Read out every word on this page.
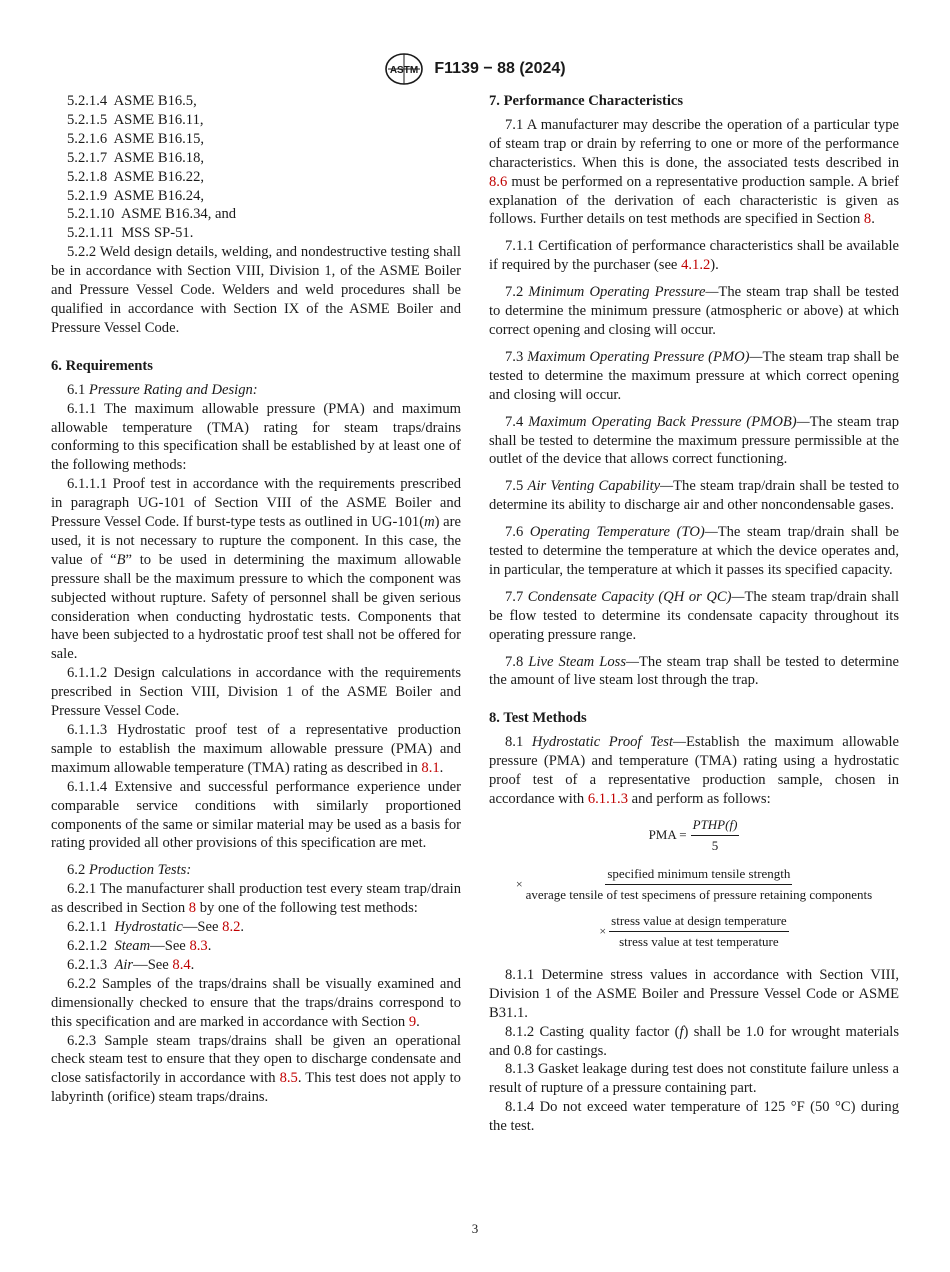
ASTM F1139 − 88 (2024)

5.2.1.4 ASME B16.5,

5.2.1.5 ASME B16.11,

5.2.1.6 ASME B16.15,

5.2.1.7 ASME B16.18,

5.2.1.8 ASME B16.22,

5.2.1.9 ASME B16.24,

5.2.1.10 ASME B16.34, and

5.2.1.11 MSS SP-51.

5.2.2 Weld design details, welding, and nondestructive testing shall be in accordance with Section VIII, Division 1, of the ASME Boiler and Pressure Vessel Code. Welders and weld procedures shall be qualified in accordance with Section IX of the ASME Boiler and Pressure Vessel Code.

6. Requirements

6.1 Pressure Rating and Design:

6.1.1 The maximum allowable pressure (PMA) and maximum allowable temperature (TMA) rating for steam traps/drains conforming to this specification shall be established by at least one of the following methods:

6.1.1.1 Proof test in accordance with the requirements prescribed in paragraph UG-101 of Section VIII of the ASME Boiler and Pressure Vessel Code. If burst-type tests as outlined in UG-101(m) are used, it is not necessary to rupture the component. In this case, the value of “B” to be used in determining the maximum allowable pressure shall be the maximum pressure to which the component was subjected without rupture. Safety of personnel shall be given serious consideration when conducting hydrostatic tests. Components that have been subjected to a hydrostatic proof test shall not be offered for sale.

6.1.1.2 Design calculations in accordance with the requirements prescribed in Section VIII, Division 1 of the ASME Boiler and Pressure Vessel Code.

6.1.1.3 Hydrostatic proof test of a representative production sample to establish the maximum allowable pressure (PMA) and maximum allowable temperature (TMA) rating as described in 8.1.

6.1.1.4 Extensive and successful performance experience under comparable service conditions with similarly proportioned components of the same or similar material may be used as a basis for rating provided all other provisions of this specification are met.

6.2 Production Tests:

6.2.1 The manufacturer shall production test every steam trap/drain as described in Section 8 by one of the following test methods:

6.2.1.1 Hydrostatic—See 8.2.

6.2.1.2 Steam—See 8.3.

6.2.1.3 Air—See 8.4.

6.2.2 Samples of the traps/drains shall be visually examined and dimensionally checked to ensure that the traps/drains correspond to this specification and are marked in accordance with Section 9.

6.2.3 Sample steam traps/drains shall be given an operational check steam test to ensure that they open to discharge condensate and close satisfactorily in accordance with 8.5. This test does not apply to labyrinth (orifice) steam traps/drains.

7. Performance Characteristics

7.1 A manufacturer may describe the operation of a particular type of steam trap or drain by referring to one or more of the performance characteristics. When this is done, the associated tests described in 8.6 must be performed on a representative production sample. A brief explanation of the derivation of each characteristic is given as follows. Further details on test methods are specified in Section 8.

7.1.1 Certification of performance characteristics shall be available if required by the purchaser (see 4.1.2).

7.2 Minimum Operating Pressure—The steam trap shall be tested to determine the minimum pressure (atmospheric or above) at which correct opening and closing will occur.

7.3 Maximum Operating Pressure (PMO)—The steam trap shall be tested to determine the maximum pressure at which correct opening and closing will occur.

7.4 Maximum Operating Back Pressure (PMOB)—The steam trap shall be tested to determine the maximum pressure permissible at the outlet of the device that allows correct functioning.

7.5 Air Venting Capability—The steam trap/drain shall be tested to determine its ability to discharge air and other noncondensable gases.

7.6 Operating Temperature (TO)—The steam trap/drain shall be tested to determine the temperature at which the device operates and, in particular, the temperature at which it passes its specified capacity.

7.7 Condensate Capacity (QH or QC)—The steam trap/drain shall be flow tested to determine its condensate capacity throughout its operating pressure range.

7.8 Live Steam Loss—The steam trap shall be tested to determine the amount of live steam lost through the trap.

8. Test Methods

8.1 Hydrostatic Proof Test—Establish the maximum allowable pressure (PMA) and temperature (TMA) rating using a hydrostatic proof test of a representative production sample, chosen in accordance with 6.1.1.3 and perform as follows:

PMA = $\frac{\text{PTHP(f)}}{5}$
×
specified minimum tensile strength
average tensile of test specimens of pressure retaining components
× $\frac{\text{stress value at design temperature}}{\text{stress value at test temperature}}$

8.1.1 Determine stress values in accordance with Section VIII, Division 1 of the ASME Boiler and Pressure Vessel Code or ASME B31.1.

8.1.2 Casting quality factor (f) shall be 1.0 for wrought materials and 0.8 for castings.

8.1.3 Gasket leakage during test does not constitute failure unless a result of rupture of a pressure containing part.

8.1.4 Do not exceed water temperature of 125 °F (50 °C) during the test.

3
